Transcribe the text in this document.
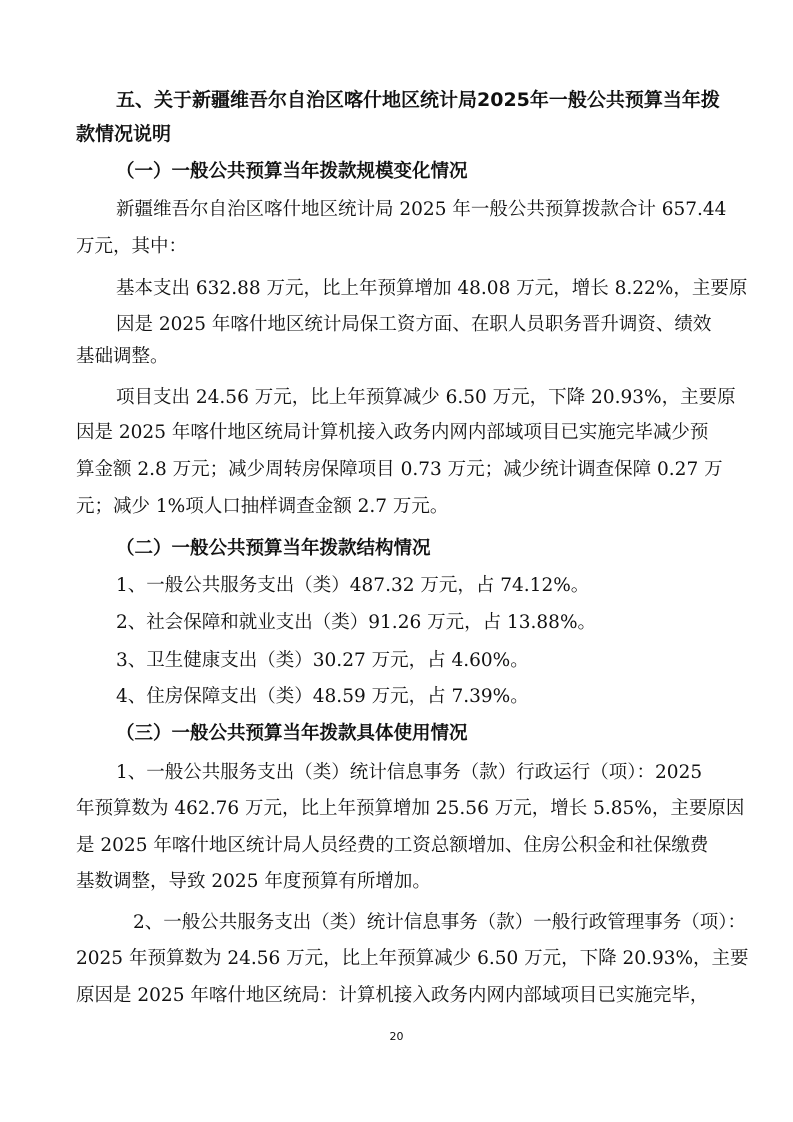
五、关于新疆维吾尔自治区喀什地区统计局2025年一般公共预算当年拨
款情况说明
（一）一般公共预算当年拨款规模变化情况
新疆维吾尔自治区喀什地区统计局 2025 年一般公共预算拨款合计 657.44
万元，其中：
基本支出 632.88 万元，比上年预算增加 48.08 万元，增长 8.22%，主要原
因是 2025 年喀什地区统计局保工资方面、在职人员职务晋升调资、绩效
基础调整。
项目支出 24.56 万元，比上年预算减少 6.50 万元，下降 20.93%，主要原
因是 2025 年喀什地区统局计算机接入政务内网内部域项目已实施完毕减少预
算金额 2.8 万元；减少周转房保障项目 0.73 万元；减少统计调查保障 0.27 万
元；减少 1%项人口抽样调查金额 2.7 万元。
（二）一般公共预算当年拨款结构情况
1、一般公共服务支出（类）487.32 万元，占 74.12%。
2、社会保障和就业支出（类）91.26 万元，占 13.88%。
3、卫生健康支出（类）30.27 万元，占 4.60%。
4、住房保障支出（类）48.59 万元，占 7.39%。
（三）一般公共预算当年拨款具体使用情况
1、一般公共服务支出（类）统计信息事务（款）行政运行（项）：2025
年预算数为 462.76 万元，比上年预算增加 25.56 万元，增长 5.85%，主要原因
是 2025 年喀什地区统计局人员经费的工资总额增加、住房公积金和社保缴费
基数调整，导致 2025 年度预算有所增加。
2、一般公共服务支出（类）统计信息事务（款）一般行政管理事务（项）：
2025 年预算数为 24.56 万元，比上年预算减少 6.50 万元，下降 20.93%，主要
原因是 2025 年喀什地区统局：计算机接入政务内网内部域项目已实施完毕，
20
